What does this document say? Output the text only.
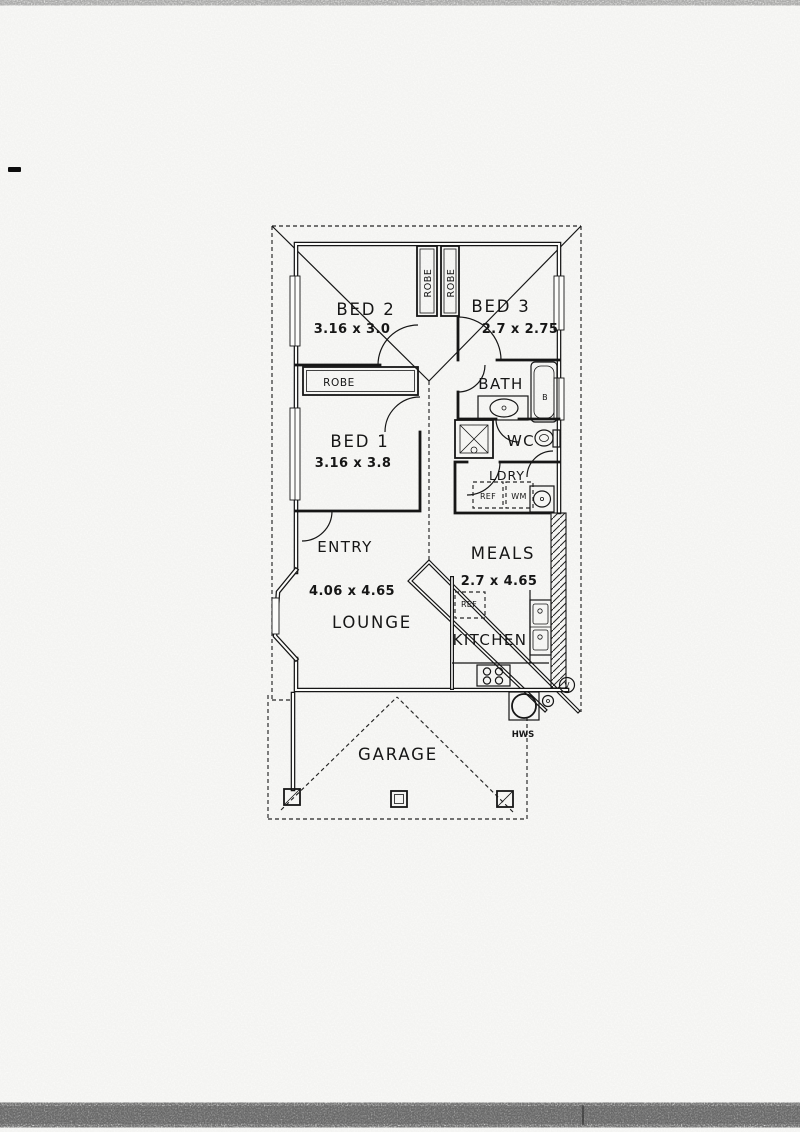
BED 2
3.16 x 3.0
BED 3
2.7 x 2.75
ROBE ROBE
ROBE
BED 1
3.16 x 3.8
BATH
B
WC
LDRY
REF WM
ENTRY
4.06 x 4.65
LOUNGE
MEALS
2.7 x 4.65
REF
KITCHEN
GARAGE
HWS
V
